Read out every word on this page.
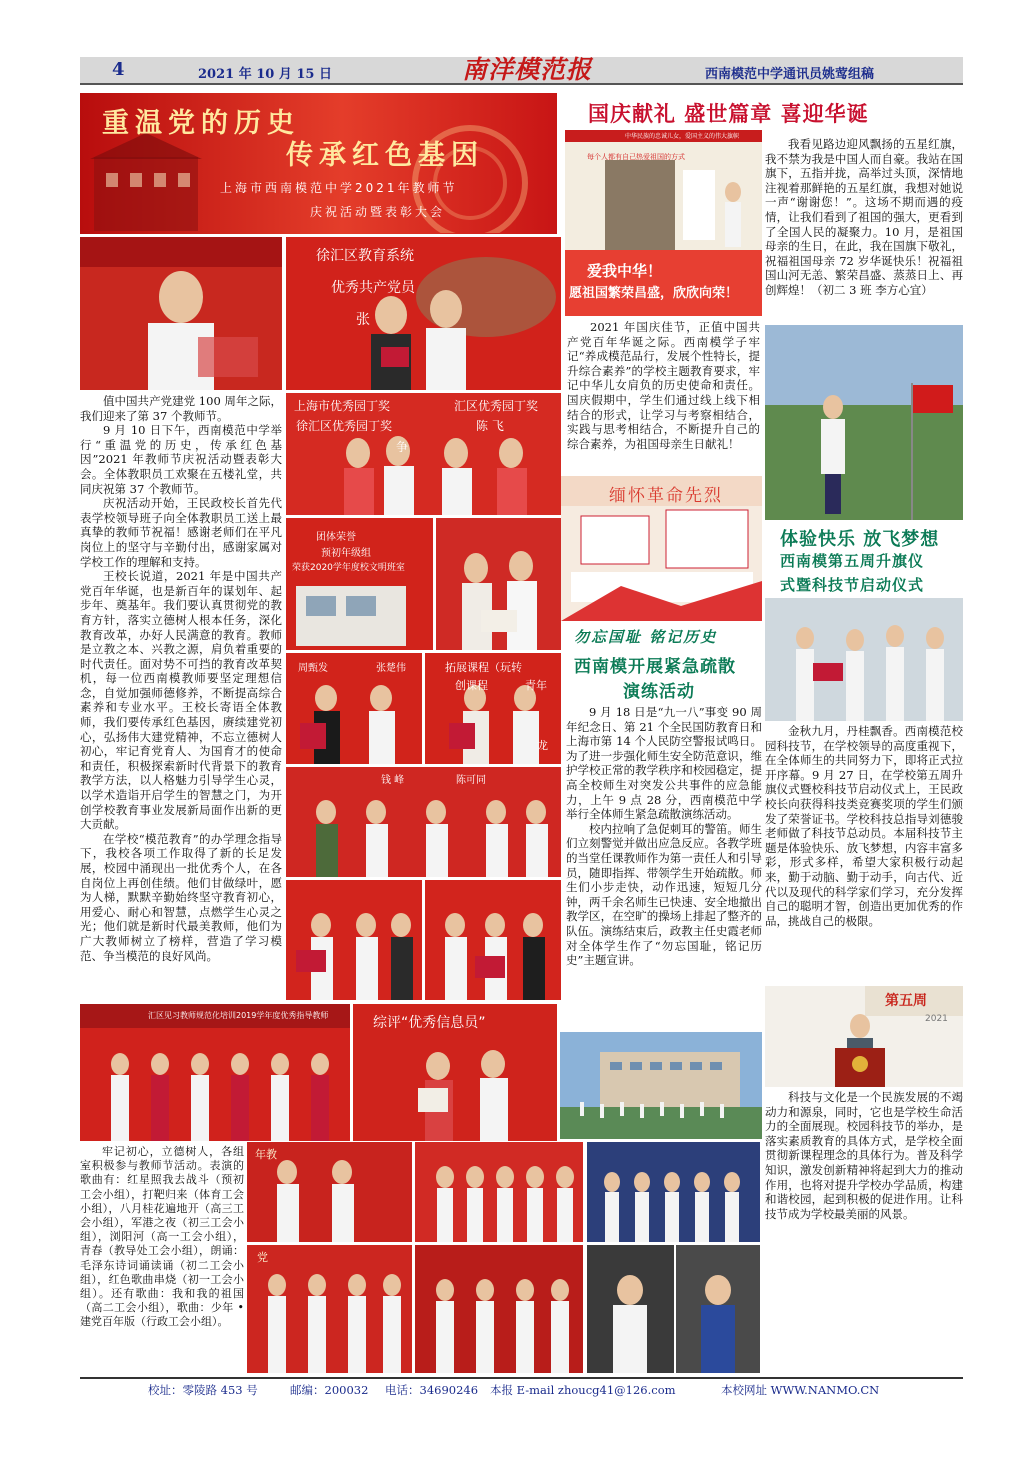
4	2021 年 10 月 15 日	南洋模范报	西南模范中学通讯员姚莺组稿
重温党的历史
传承红色基因
上海市西南模范中学2021年教师节
庆祝活动暨表彰大会
徐汇区教育系统
优秀共产党员
张
上海市优秀园丁奖
徐汇区优秀园丁奖
汇区优秀园丁奖
陈 飞
争
团体荣誉
预初年级组
荣获2020学年度校文明班室
周甄发	张楚伟	拓展课程（玩转
创课程	青年
龙
钱 峰	陈可同
汇区见习教师规范化培训2019学年度优秀指导教师	综评“优秀信息员”
年教
党

值中国共产党建党 100 周年之际，我们迎来了第 37 个教师节。

9 月 10 日下午，西南模范中学举行“重温党的历史，传承红色基因”2021 年教师节庆祝活动暨表彰大会。全体教职员工欢聚在五楼礼堂，共同庆祝第 37 个教师节。

庆祝活动开始，王民政校长首先代表学校领导班子向全体教职员工送上最真挚的教师节祝福！感谢老师们在平凡岗位上的坚守与辛勤付出，感谢家属对学校工作的理解和支持。

王校长说道，2021 年是中国共产党百年华诞，也是新百年的谋划年、起步年、奠基年。我们要认真贯彻党的教育方针，落实立德树人根本任务，深化教育改革，办好人民满意的教育。教师是立教之本、兴教之源，肩负着重要的时代责任。面对势不可挡的教育改革契机，每一位西南模教师要坚定理想信念，自觉加强师德修养，不断提高综合素养和专业水平。王校长寄语全体教师，我们要传承红色基因，赓续建党初心，弘扬伟大建党精神，不忘立德树人初心，牢记育党育人、为国育才的使命和责任，积极探索新时代背景下的教育教学方法，以人格魅力引导学生心灵，以学术造诣开启学生的智慧之门，为开创学校教育事业发展新局面作出新的更大贡献。

在学校“模范教育”的办学理念指导下，我校各项工作取得了新的长足发展，校园中涌现出一批优秀个人，在各自岗位上再创佳绩。他们甘做绿叶，愿为人梯，默默辛勤始终坚守教育初心，用爱心、耐心和智慧，点燃学生心灵之光；他们就是新时代最美教师，他们为广大教师树立了榜样，营造了学习模范、争当模范的良好风尚。

牢记初心，立德树人，各组室积极参与教师节活动。表演的歌曲有：红星照我去战斗（预初工会小组），打靶归来（体育工会小组），八月桂花遍地开（高三工会小组），军港之夜（初三工会小组），浏阳河（高一工会小组），青春（教导处工会小组），朗诵：毛泽东诗词诵读诵（初二工会小组），红色歌曲串烧（初一工会小组）。还有歌曲：我和我的祖国（高二工会小组），歌曲：少年 • 建党百年版（行政工会小组）。

国庆献礼 盛世篇章 喜迎华诞
中华民族的忠诚儿女，爱国主义的伟大旗帜
每个人都有自己热爱祖国的方式
爱我中华！
愿祖国繁荣昌盛，欣欣向荣！

2021 年国庆佳节，正值中国共产党百年华诞之际。西南模学子牢记“养成模范品行，发展个性特长，提升综合素养”的学校主题教育要求，牢记中华儿女肩负的历史使命和责任。国庆假期中，学生们通过线上线下相结合的形式，让学习与考察相结合，实践与思考相结合，不断提升自己的综合素养，为祖国母亲生日献礼！

我看见路边迎风飘扬的五星红旗，我不禁为我是中国人而自豪。我站在国旗下，五指并拢，高举过头顶，深情地注视着那鲜艳的五星红旗，我想对她说一声“谢谢您！”。这场不期而遇的疫情，让我们看到了祖国的强大，更看到了全国人民的凝聚力。10 月，是祖国母亲的生日，在此，我在国旗下敬礼，祝福祖国母亲 72 岁华诞快乐！祝福祖国山河无恙、繁荣昌盛、蒸蒸日上、再创辉煌！（初二 3 班 李方心宜）

缅怀革命先烈
勿忘国耻 铭记历史
西南模开展紧急疏散
演练活动

9 月 18 日是“九一八”事变 90 周年纪念日、第 21 个全民国防教育日和上海市第 14 个人民防空警报试鸣日。为了进一步强化师生安全防范意识，维护学校正常的教学秩序和校园稳定，提高全校师生对突发公共事件的应急能力，上午 9 点 28 分，西南模范中学举行全体师生紧急疏散演练活动。

校内拉响了急促刺耳的警笛。师生们立刻警觉并做出应急反应。各教学班的当堂任课教师作为第一责任人和引导员，随即指挥、带领学生开始疏散。师生们小步走快，动作迅速，短短几分钟，两千余名师生已快速、安全地撤出教学区，在空旷的操场上排起了整齐的队伍。演练结束后，政教主任史霞老师对全体学生作了“勿忘国耻，铭记历史”主题宣讲。

体验快乐 放飞梦想
西南模第五周升旗仪
式暨科技节启动仪式

金秋九月，丹桂飘香。西南模范校园科技节，在学校领导的高度重视下，在全体师生的共同努力下，即将正式拉开序幕。9 月 27 日，在学校第五周升旗仪式暨校科技节启动仪式上，王民政校长向获得科技类竞赛奖项的学生们颁发了荣誉证书。学校科技总指导刘德骏老师做了科技节总动员。本届科技节主题是体验快乐、放飞梦想，内容丰富多彩，形式多样，希望大家积极行动起来，勤于动脑、勤于动手，向古代、近代以及现代的科学家们学习，充分发挥自己的聪明才智，创造出更加优秀的作品，挑战自己的极限。

第五周
2021

科技与文化是一个民族发展的不竭动力和源泉，同时，它也是学校生命活力的全面展现。校园科技节的举办，是落实素质教育的具体方式，是学校全面贯彻新课程理念的具体行为。普及科学知识，激发创新精神将起到大力的推动作用，也将对提升学校办学品质，构建和谐校园，起到积极的促进作用。让科技节成为学校最美丽的风景。

校址：零陵路 453 号	邮编：200032 电话：34690246 本报 E-mail zhoucg41@126.com	本校网址 WWW.NANMO.CN
